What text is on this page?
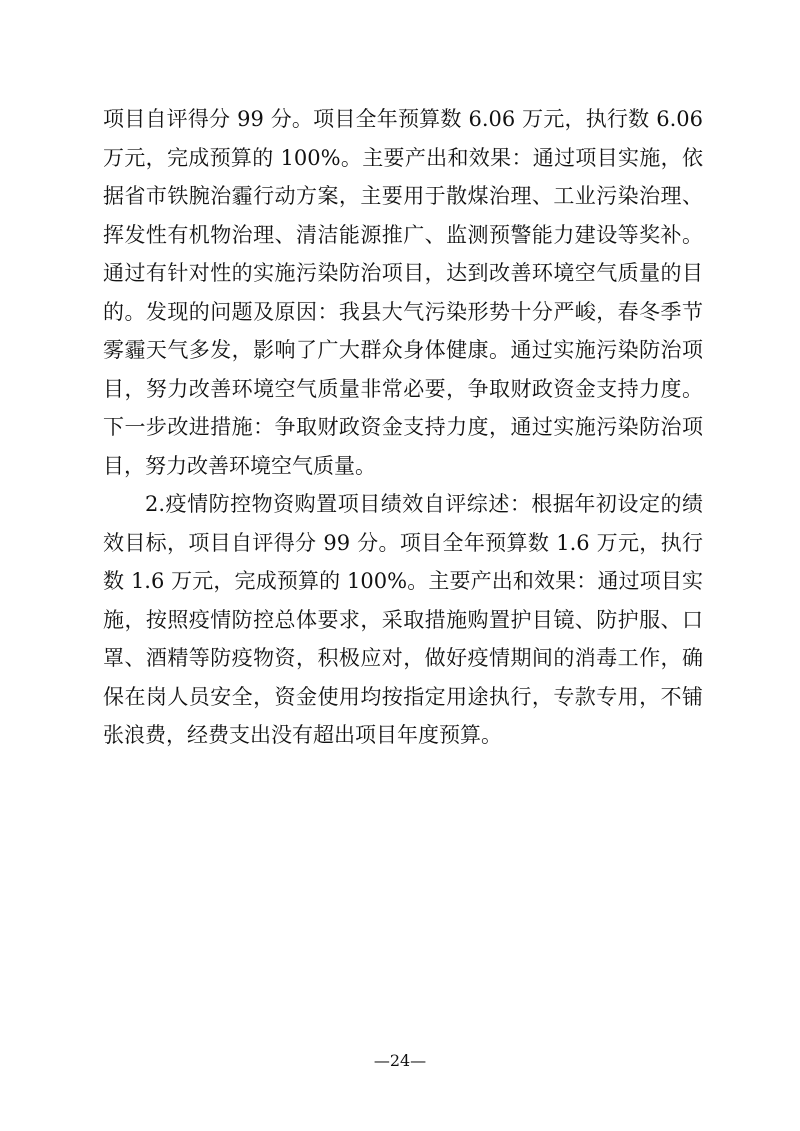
项目自评得分 99 分。项目全年预算数 6.06 万元，执行数 6.06
万元，完成预算的 100%。主要产出和效果：通过项目实施，依
据省市铁腕治霾行动方案，主要用于散煤治理、工业污染治理、
挥发性有机物治理、清洁能源推广、监测预警能力建设等奖补。
通过有针对性的实施污染防治项目，达到改善环境空气质量的目
的。发现的问题及原因：我县大气污染形势十分严峻，春冬季节
雾霾天气多发，影响了广大群众身体健康。通过实施污染防治项
目，努力改善环境空气质量非常必要，争取财政资金支持力度。
下一步改进措施：争取财政资金支持力度，通过实施污染防治项
目，努力改善环境空气质量。
2.疫情防控物资购置项目绩效自评综述：根据年初设定的绩
效目标，项目自评得分 99 分。项目全年预算数 1.6 万元，执行
数 1.6 万元，完成预算的 100%。主要产出和效果：通过项目实
施，按照疫情防控总体要求，采取措施购置护目镜、防护服、口
罩、酒精等防疫物资，积极应对，做好疫情期间的消毒工作，确
保在岗人员安全，资金使用均按指定用途执行，专款专用，不铺
张浪费，经费支出没有超出项目年度预算。
—24—
